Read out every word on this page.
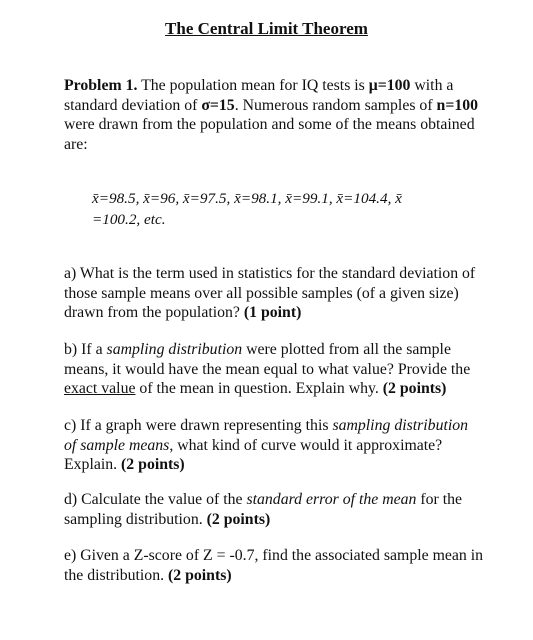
The Central Limit Theorem
Problem 1. The population mean for IQ tests is μ=100 with a standard deviation of σ=15. Numerous random samples of n=100 were drawn from the population and some of the means obtained are:
x̄=98.5, x̄=96, x̄=97.5, x̄=98.1, x̄=99.1, x̄=104.4, x̄ =100.2, etc.
a) What is the term used in statistics for the standard deviation of those sample means over all possible samples (of a given size) drawn from the population? (1 point)
b) If a sampling distribution were plotted from all the sample means, it would have the mean equal to what value? Provide the exact value of the mean in question. Explain why. (2 points)
c) If a graph were drawn representing this sampling distribution of sample means, what kind of curve would it approximate? Explain. (2 points)
d) Calculate the value of the standard error of the mean for the sampling distribution. (2 points)
e) Given a Z-score of Z = -0.7, find the associated sample mean in the distribution. (2 points)
